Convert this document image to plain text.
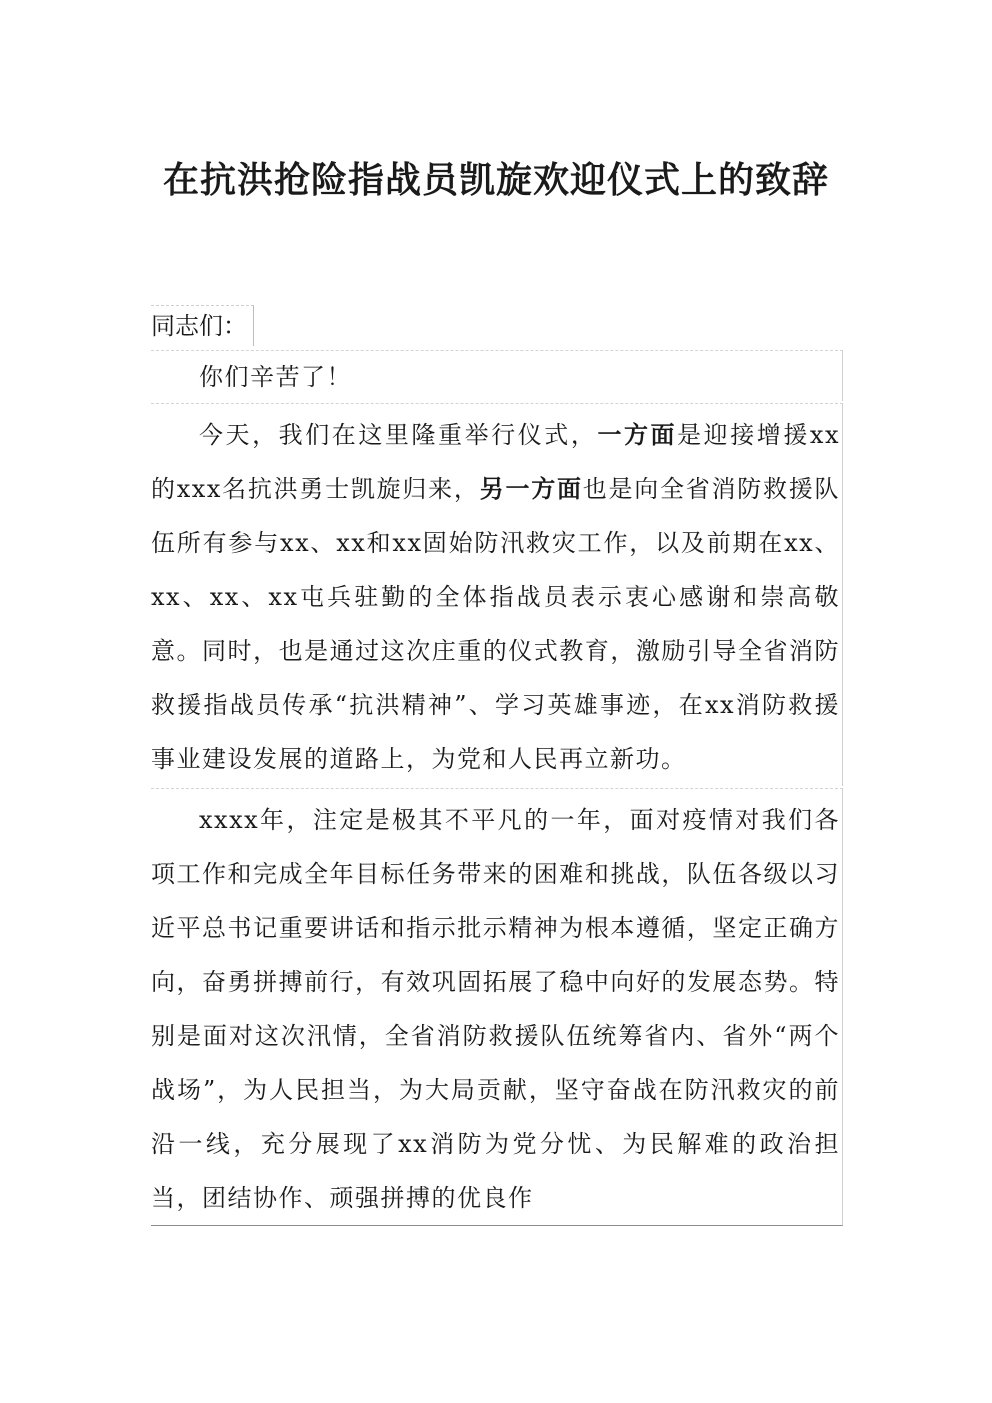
在抗洪抢险指战员凯旋欢迎仪式上的致辞
同志们：

你们辛苦了！

今天，我们在这里隆重举行仪式，一方面是迎接增援xx的xxx名抗洪勇士凯旋归来，另一方面也是向全省消防救援队伍所有参与xx、xx和xx固始防汛救灾工作，以及前期在xx、xx、xx、xx屯兵驻勤的全体指战员表示衷心感谢和崇高敬意。同时，也是通过这次庄重的仪式教育，激励引导全省消防救援指战员传承“抗洪精神”、学习英雄事迹，在xx消防救援事业建设发展的道路上，为党和人民再立新功。

xxxx年，注定是极其不平凡的一年，面对疫情对我们各项工作和完成全年目标任务带来的困难和挑战，队伍各级以习近平总书记重要讲话和指示批示精神为根本遵循，坚定正确方向，奋勇拼搏前行，有效巩固拓展了稳中向好的发展态势。特别是面对这次汛情，全省消防救援队伍统筹省内、省外“两个战场”，为人民担当，为大局贡献，坚守奋战在防汛救灾的前沿一线，充分展现了xx消防为党分忧、为民解难的政治担当，团结协作、顽强拼搏的优良作
